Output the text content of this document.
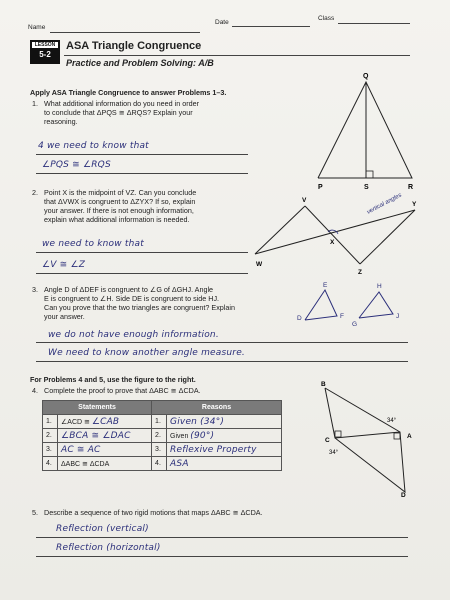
Name
Date
Class
LESSON
5-2
ASA Triangle Congruence
Practice and Problem Solving: A/B
Apply ASA Triangle Congruence to answer Problems 1–3.
1. What additional information do you need in order
to conclude that ΔPQS ≅ ΔRQS? Explain your
reasoning.
4 we need to know that
∠PQS ≅ ∠RQS
Q
P	S	R
2. Point X is the midpoint of VZ. Can you conclude
that ΔVWX is congruent to ΔZYX? If so, explain
your answer. If there is not enough information,
explain what additional information is needed.
we need to know that
∠V ≅ ∠Z
V
Y
X
W
Z
vertical angles
3. Angle D of ΔDEF is congruent to ∠G of ΔGHJ. Angle
E is congruent to ∠H. Side DE is congruent to side HJ.
Can you prove that the two triangles are congruent? Explain
your answer.
we do not have enough information.
We need to know another angle measure.
E
D	F
H
G
J
For Problems 4 and 5, use the figure to the right.
4. Complete the proof to prove that ΔABC ≅ ΔCDA.
Statements		Reasons	
1.	∠ACD ≅ ∠CAB	1.	Given (34°)
2.	∠BCA ≅ ∠DAC	2.	Given (90°)
3.	AC ≅ AC	3.	Reflexive Property
4.	ΔABC ≅ ΔCDA	4.	ASA
B
C
A
D
34°
34°
5. Describe a sequence of two rigid motions that maps ΔABC ≅ ΔCDA.
Reflection (vertical)
Reflection (horizontal)
